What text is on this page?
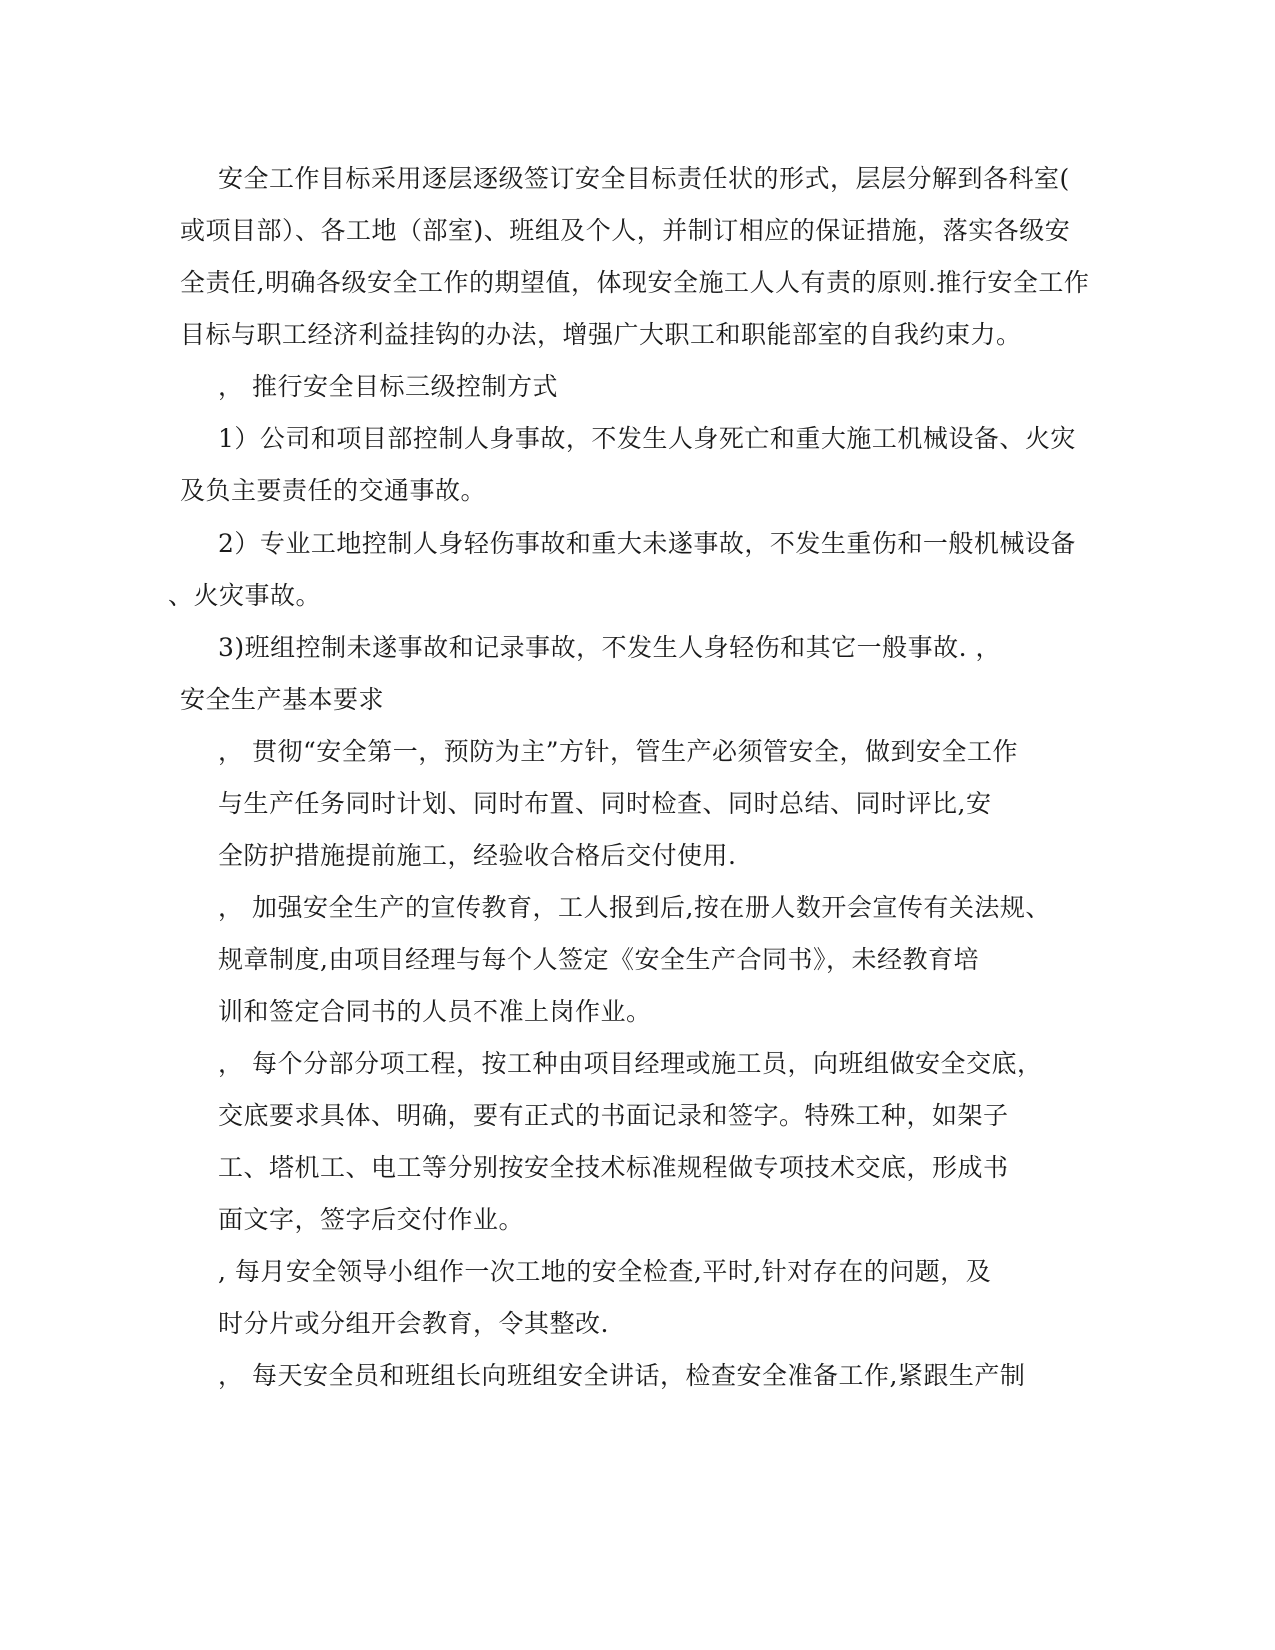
安全工作目标采用逐层逐级签订安全目标责任状的形式，层层分解到各科室(
或项目部）、各工地（部室)、班组及个人，并制订相应的保证措施，落实各级安
全责任,明确各级安全工作的期望值，体现安全施工人人有责的原则.推行安全工作
目标与职工经济利益挂钩的办法，增强广大职工和职能部室的自我约束力。
， 推行安全目标三级控制方式
1）公司和项目部控制人身事故，不发生人身死亡和重大施工机械设备、火灾
及负主要责任的交通事故。
2）专业工地控制人身轻伤事故和重大未遂事故，不发生重伤和一般机械设备
、火灾事故。
3)班组控制未遂事故和记录事故，不发生人身轻伤和其它一般事故. ，
安全生产基本要求
， 贯彻“安全第一，预防为主”方针，管生产必须管安全，做到安全工作
与生产任务同时计划、同时布置、同时检查、同时总结、同时评比,安
全防护措施提前施工，经验收合格后交付使用.
， 加强安全生产的宣传教育，工人报到后,按在册人数开会宣传有关法规、
规章制度,由项目经理与每个人签定《安全生产合同书》，未经教育培
训和签定合同书的人员不准上岗作业。
， 每个分部分项工程，按工种由项目经理或施工员，向班组做安全交底，
交底要求具体、明确，要有正式的书面记录和签字。特殊工种，如架子
工、塔机工、电工等分别按安全技术标准规程做专项技术交底，形成书
面文字，签字后交付作业。
, 每月安全领导小组作一次工地的安全检查,平时,针对存在的问题，及
时分片或分组开会教育，令其整改.
， 每天安全员和班组长向班组安全讲话，检查安全准备工作,紧跟生产制
